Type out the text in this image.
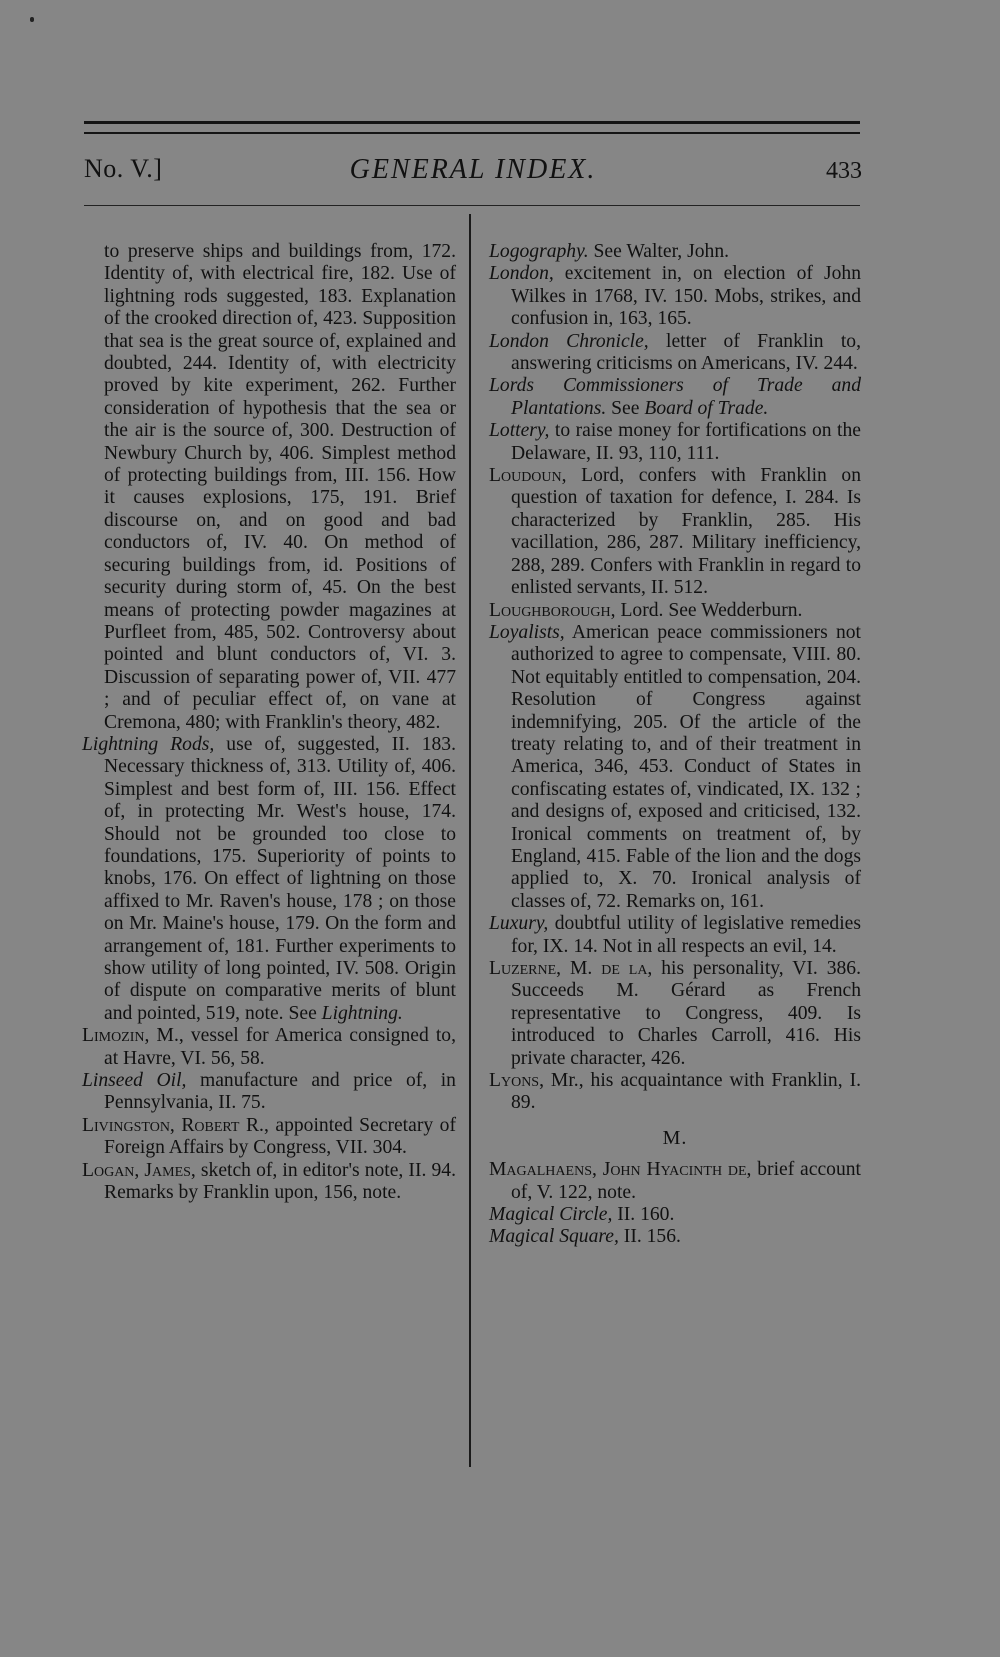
No. V.]	GENERAL INDEX.	433

to preserve ships and buildings from, 172. Identity of, with electrical fire, 182. Use of lightning rods suggested, 183. Explanation of the crooked direction of, 423. Supposition that sea is the great source of, explained and doubted, 244. Identity of, with electricity proved by kite experiment, 262. Further consideration of hypothesis that the sea or the air is the source of, 300. Destruction of Newbury Church by, 406. Simplest method of protecting buildings from, III. 156. How it causes explosions, 175, 191. Brief discourse on, and on good and bad conductors of, IV. 40. On method of securing buildings from, id. Positions of security during storm of, 45. On the best means of protecting powder magazines at Purfleet from, 485, 502. Controversy about pointed and blunt conductors of, VI. 3. Discussion of separating power of, VII. 477 ; and of peculiar effect of, on vane at Cremona, 480; with Franklin's theory, 482.

Lightning Rods, use of, suggested, II. 183. Necessary thickness of, 313. Utility of, 406. Simplest and best form of, III. 156. Effect of, in protecting Mr. West's house, 174. Should not be grounded too close to foundations, 175. Superiority of points to knobs, 176. On effect of lightning on those affixed to Mr. Raven's house, 178 ; on those on Mr. Maine's house, 179. On the form and arrangement of, 181. Further experiments to show utility of long pointed, IV. 508. Origin of dispute on comparative merits of blunt and pointed, 519, note. See Lightning.

Limozin, M., vessel for America consigned to, at Havre, VI. 56, 58.

Linseed Oil, manufacture and price of, in Pennsylvania, II. 75.

Livingston, Robert R., appointed Secretary of Foreign Affairs by Congress, VII. 304.

Logan, James, sketch of, in editor's note, II. 94. Remarks by Franklin upon, 156, note.

Logography. See Walter, John.

London, excitement in, on election of John Wilkes in 1768, IV. 150. Mobs, strikes, and confusion in, 163, 165.

London Chronicle, letter of Franklin to, answering criticisms on Americans, IV. 244.

Lords Commissioners of Trade and Plantations. See Board of Trade.

Lottery, to raise money for fortifications on the Delaware, II. 93, 110, 111.

Loudoun, Lord, confers with Franklin on question of taxation for defence, I. 284. Is characterized by Franklin, 285. His vacillation, 286, 287. Military inefficiency, 288, 289. Confers with Franklin in regard to enlisted servants, II. 512.

Loughborough, Lord. See Wedderburn.

Loyalists, American peace commissioners not authorized to agree to compensate, VIII. 80. Not equitably entitled to compensation, 204. Resolution of Congress against indemnifying, 205. Of the article of the treaty relating to, and of their treatment in America, 346, 453. Conduct of States in confiscating estates of, vindicated, IX. 132 ; and designs of, exposed and criticised, 132. Ironical comments on treatment of, by England, 415. Fable of the lion and the dogs applied to, X. 70. Ironical analysis of classes of, 72. Remarks on, 161.

Luxury, doubtful utility of legislative remedies for, IX. 14. Not in all respects an evil, 14.

Luzerne, M. de la, his personality, VI. 386. Succeeds M. Gérard as French representative to Congress, 409. Is introduced to Charles Carroll, 416. His private character, 426.

Lyons, Mr., his acquaintance with Franklin, I. 89.

M.

Magalhaens, John Hyacinth de, brief account of, V. 122, note.

Magical Circle, II. 160.

Magical Square, II. 156.
